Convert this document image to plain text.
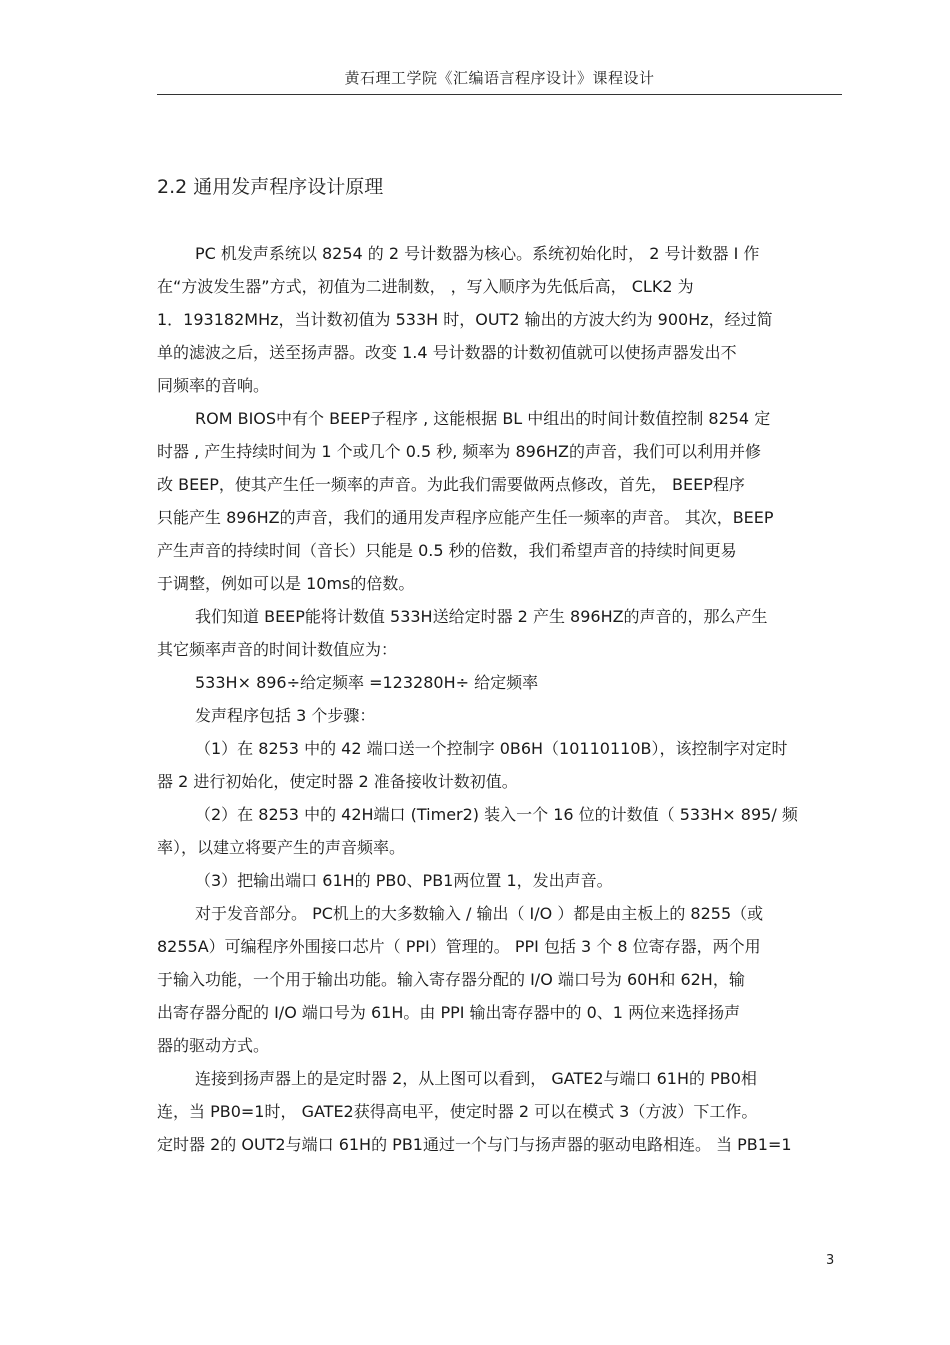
黄石理工学院《汇编语言程序设计》课程设计
2.2 通用发声程序设计原理
PC 机发声系统以 8254 的 2 号计数器为核心。系统初始化时， 2 号计数器 I 作
在“方波发生器”方式，初值为二进制数， ，写入顺序为先低后高， CLK2 为
1．193182MHz，当计数初值为 533H 时，OUT2 输出的方波大约为 900Hz，经过简
单的滤波之后，送至扬声器。改变 1.4 号计数器的计数初值就可以使扬声器发出不
同频率的音响。
ROM BIOS中有个 BEEP子程序 , 这能根据 BL 中组出的时间计数值控制 8254 定
时器 , 产生持续时间为 1 个或几个 0.5 秒, 频率为 896HZ的声音，我们可以利用并修
改 BEEP，使其产生任一频率的声音。为此我们需要做两点修改，首先， BEEP程序
只能产生 896HZ的声音，我们的通用发声程序应能产生任一频率的声音。 其次，BEEP
产生声音的持续时间（音长）只能是 0.5 秒的倍数，我们希望声音的持续时间更易
于调整，例如可以是 10ms的倍数。
我们知道 BEEP能将计数值 533H送给定时器 2 产生 896HZ的声音的，那么产生
其它频率声音的时间计数值应为：
533H× 896÷给定频率 =123280H÷ 给定频率
发声程序包括 3 个步骤：
（1）在 8253 中的 42 端口送一个控制字 0B6H（10110110B），该控制字对定时
器 2 进行初始化，使定时器 2 准备接收计数初值。
（2）在 8253 中的 42H端口 (Timer2) 装入一个 16 位的计数值（ 533H× 895/ 频
率），以建立将要产生的声音频率。
（3）把输出端口 61H的 PB0、PB1两位置 1，发出声音。
对于发音部分。 PC机上的大多数输入 / 输出（ I/O ）都是由主板上的 8255（或
8255A）可编程序外围接口芯片（ PPI）管理的。 PPI 包括 3 个 8 位寄存器，两个用
于输入功能，一个用于输出功能。输入寄存器分配的 I/O 端口号为 60H和 62H，输
出寄存器分配的 I/O 端口号为 61H。由 PPI 输出寄存器中的 0、1 两位来选择扬声
器的驱动方式。
连接到扬声器上的是定时器 2，从上图可以看到， GATE2与端口 61H的 PB0相
连，当 PB0=1时， GATE2获得高电平，使定时器 2 可以在模式 3（方波）下工作。
定时器 2的 OUT2与端口 61H的 PB1通过一个与门与扬声器的驱动电路相连。 当 PB1=1
3
